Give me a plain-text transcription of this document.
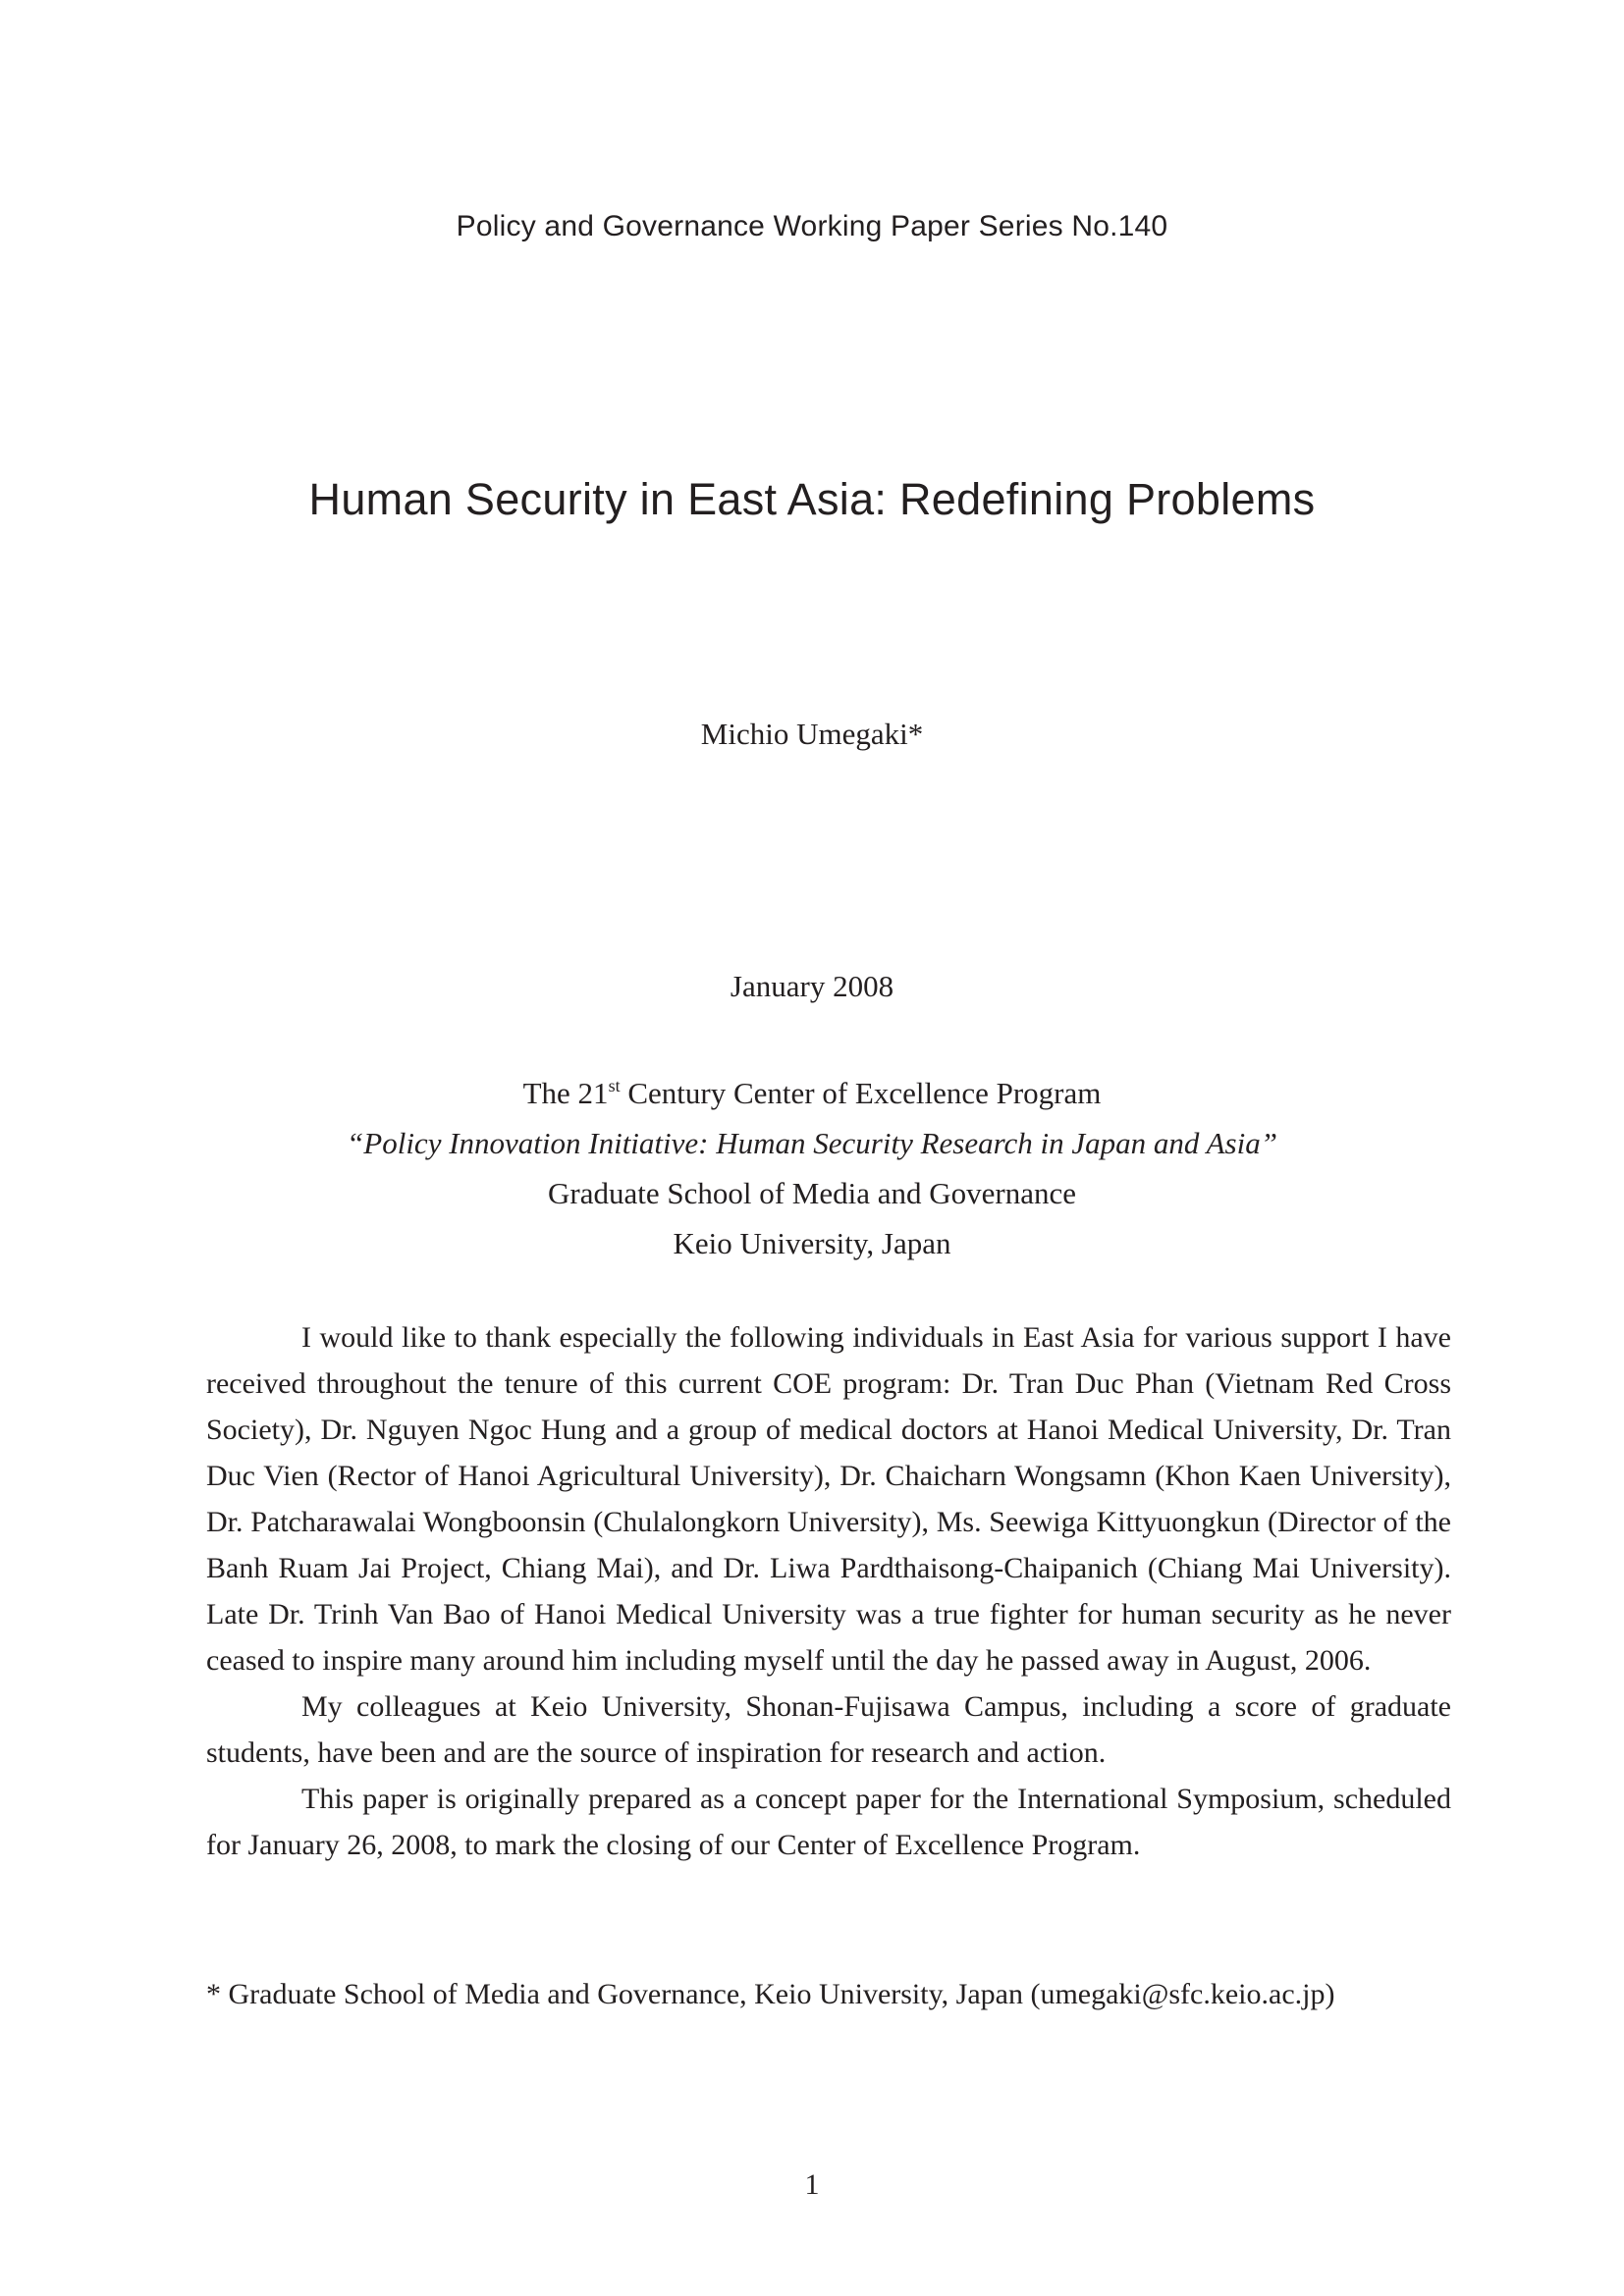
Policy and Governance Working Paper Series No.140
Human Security in East Asia: Redefining Problems
Michio Umegaki*
January 2008
The 21st Century Center of Excellence Program
“Policy Innovation Initiative: Human Security Research in Japan and Asia”
Graduate School of Media and Governance
Keio University, Japan

I would like to thank especially the following individuals in East Asia for various support I have received throughout the tenure of this current COE program: Dr. Tran Duc Phan (Vietnam Red Cross Society), Dr. Nguyen Ngoc Hung and a group of medical doctors at Hanoi Medical University, Dr. Tran Duc Vien (Rector of Hanoi Agricultural University), Dr. Chaicharn Wongsamn (Khon Kaen University), Dr. Patcharawalai Wongboonsin (Chulalongkorn University), Ms. Seewiga Kittyuongkun (Director of the Banh Ruam Jai Project, Chiang Mai), and Dr. Liwa Pardthaisong-Chaipanich (Chiang Mai University). Late Dr. Trinh Van Bao of Hanoi Medical University was a true fighter for human security as he never ceased to inspire many around him including myself until the day he passed away in August, 2006.

My colleagues at Keio University, Shonan-Fujisawa Campus, including a score of graduate students, have been and are the source of inspiration for research and action.

This paper is originally prepared as a concept paper for the International Symposium, scheduled for January 26, 2008, to mark the closing of our Center of Excellence Program.

* Graduate School of Media and Governance, Keio University, Japan (umegaki@sfc.keio.ac.jp)
1
